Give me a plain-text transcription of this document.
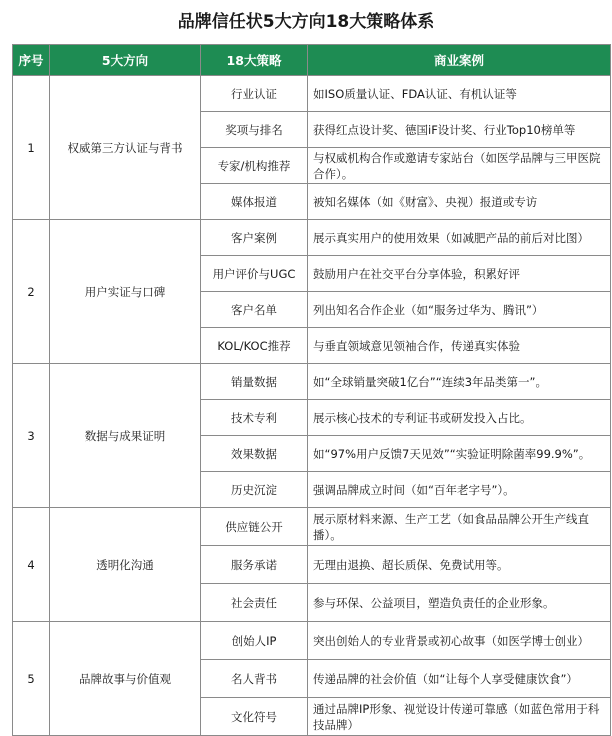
品牌信任状5大方向18大策略体系
序号	5大方向	18大策略	商业案例
1	权威第三方认证与背书	行业认证	如ISO质量认证、FDA认证、有机认证等
		奖项与排名	获得红点设计奖、德国iF设计奖、行业Top10榜单等
		专家/机构推荐	与权威机构合作或邀请专家站台（如医学品牌与三甲医院合作）。
		媒体报道	被知名媒体（如《财富》、央视）报道或专访
2	用户实证与口碑	客户案例	展示真实用户的使用效果（如减肥产品的前后对比图）
		用户评价与UGC	鼓励用户在社交平台分享体验，积累好评
		客户名单	列出知名合作企业（如“服务过华为、腾讯”）
		KOL/KOC推荐	与垂直领域意见领袖合作，传递真实体验
3	数据与成果证明	销量数据	如“全球销量突破1亿台”“连续3年品类第一”。
		技术专利	展示核心技术的专利证书或研发投入占比。
		效果数据	如“97%用户反馈7天见效”“实验证明除菌率99.9%”。
		历史沉淀	强调品牌成立时间（如“百年老字号”）。
4	透明化沟通	供应链公开	展示原材料来源、生产工艺（如食品品牌公开生产线直播）。
		服务承诺	无理由退换、超长质保、免费试用等。
		社会责任	参与环保、公益项目，塑造负责任的企业形象。
5	品牌故事与价值观	创始人IP	突出创始人的专业背景或初心故事（如医学博士创业）
		名人背书	传递品牌的社会价值（如“让每个人享受健康饮食”）
		文化符号	通过品牌IP形象、视觉设计传递可靠感（如蓝色常用于科技品牌）
